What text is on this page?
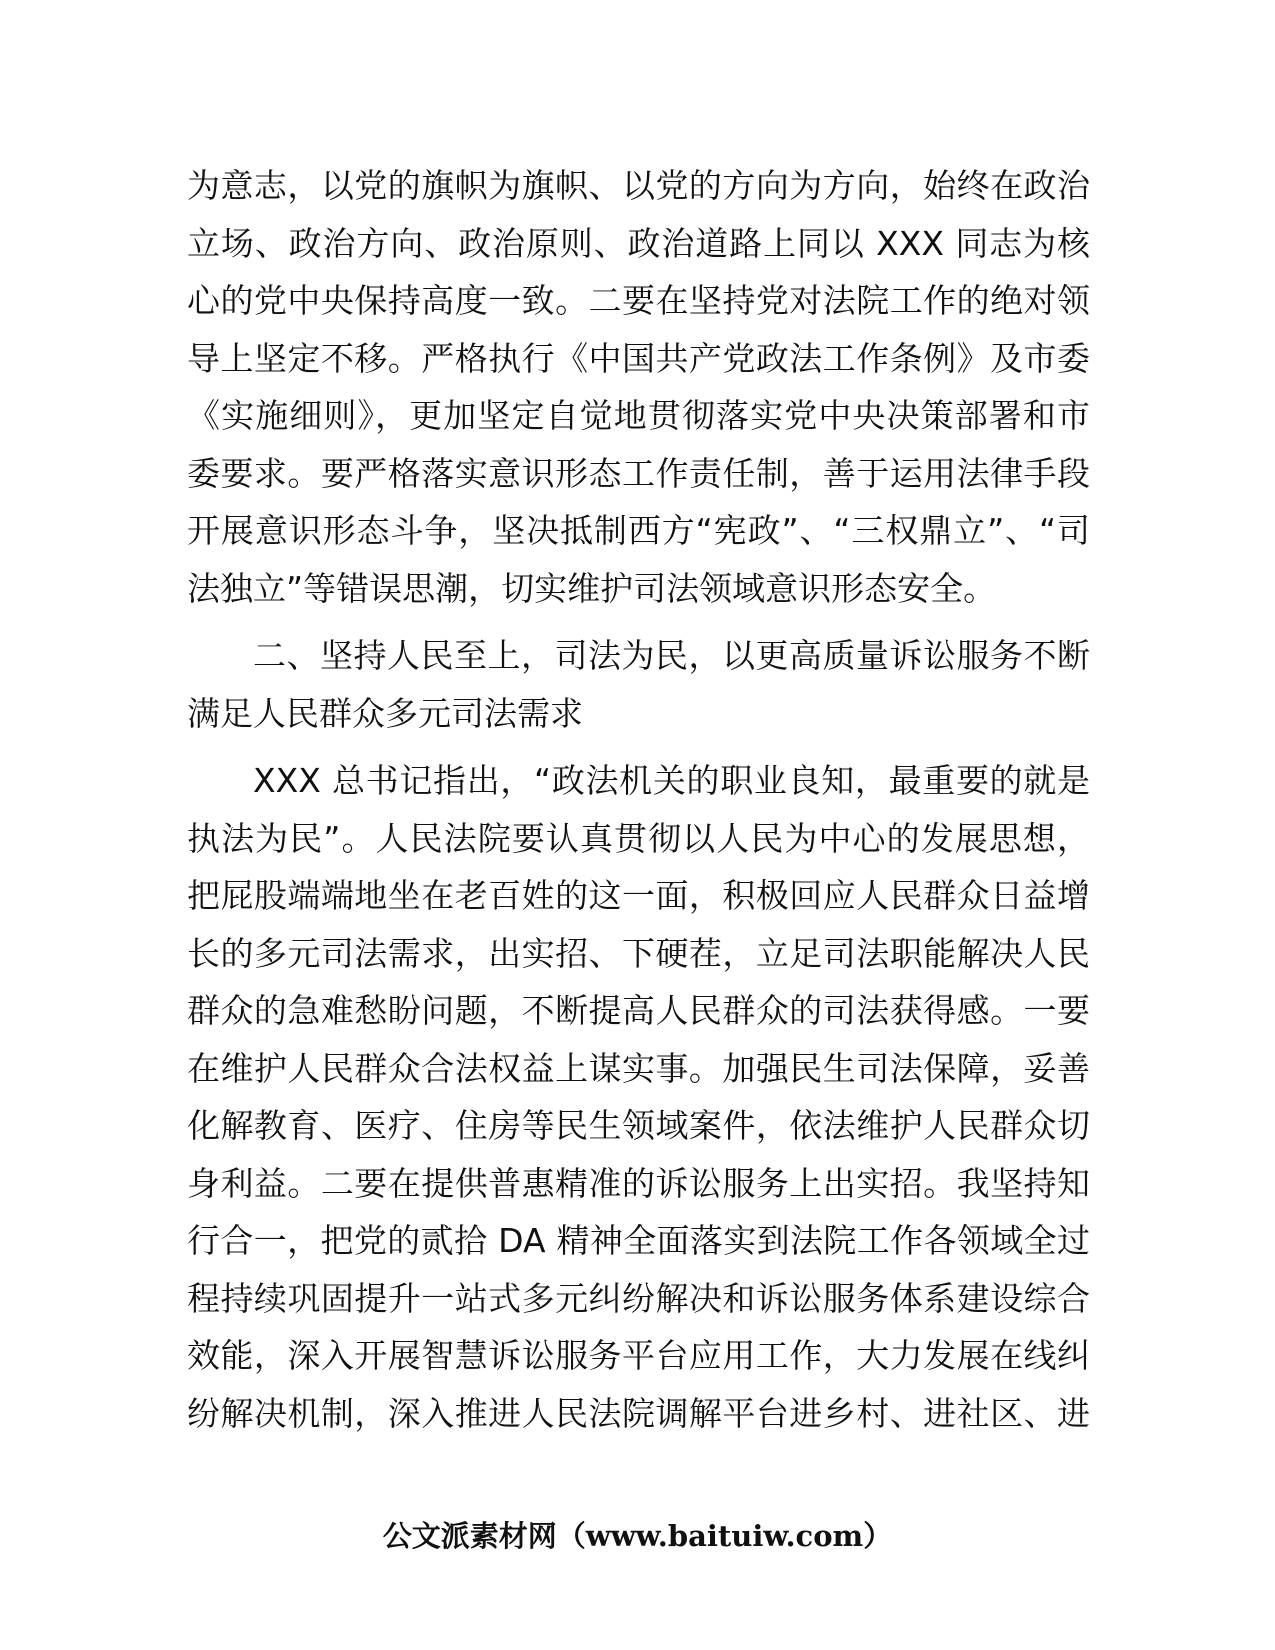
为意志，以党的旗帜为旗帜、以党的方向为方向，始终在政治
立场、政治方向、政治原则、政治道路上同以 XXX 同志为核
心的党中央保持高度一致。二要在坚持党对法院工作的绝对领
导上坚定不移。严格执行《中国共产党政法工作条例》及市委
《实施细则》，更加坚定自觉地贯彻落实党中央决策部署和市
委要求。要严格落实意识形态工作责任制，善于运用法律手段
开展意识形态斗争，坚决抵制西方“宪政”、“三权鼎立”、“司
法独立”等错误思潮，切实维护司法领域意识形态安全。
二、坚持人民至上，司法为民，以更高质量诉讼服务不断
满足人民群众多元司法需求
XXX 总书记指出，“政法机关的职业良知，最重要的就是
执法为民”。人民法院要认真贯彻以人民为中心的发展思想，
把屁股端端地坐在老百姓的这一面，积极回应人民群众日益增
长的多元司法需求，出实招、下硬茬，立足司法职能解决人民
群众的急难愁盼问题，不断提高人民群众的司法获得感。一要
在维护人民群众合法权益上谋实事。加强民生司法保障，妥善
化解教育、医疗、住房等民生领域案件，依法维护人民群众切
身利益。二要在提供普惠精准的诉讼服务上出实招。我坚持知
行合一，把党的贰拾 DA 精神全面落实到法院工作各领域全过
程持续巩固提升一站式多元纠纷解决和诉讼服务体系建设综合
效能，深入开展智慧诉讼服务平台应用工作，大力发展在线纠
纷解决机制，深入推进人民法院调解平台进乡村、进社区、进
公文派素材网（www.baituiw.com）
